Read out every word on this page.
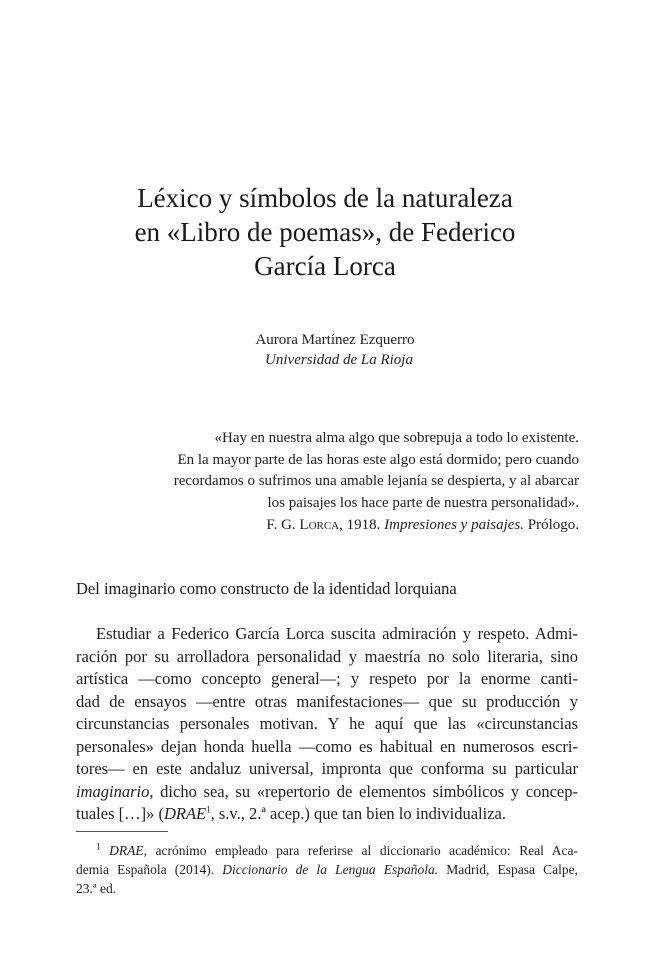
Léxico y símbolos de la naturaleza
en «Libro de poemas», de Federico
García Lorca
Aurora Martínez Ezquerro
Universidad de La Rioja
«Hay en nuestra alma algo que sobrepuja a todo lo existente.
En la mayor parte de las horas este algo está dormido; pero cuando
recordamos o sufrimos una amable lejanía se despierta, y al abarcar
los paisajes los hace parte de nuestra personalidad».
F. G. Lorca, 1918. Impresiones y paisajes. Prólogo.
Del imaginario como constructo de la identidad lorquiana
Estudiar a Federico García Lorca suscita admiración y respeto. Admi-
ración por su arrolladora personalidad y maestría no solo literaria, sino
artística —como concepto general—; y respeto por la enorme canti-
dad de ensayos —entre otras manifestaciones— que su producción y
circunstancias personales motivan. Y he aquí que las «circunstancias
personales» dejan honda huella —como es habitual en numerosos escri-
tores— en este andaluz universal, impronta que conforma su particular
imaginario, dicho sea, su «repertorio de elementos simbólicos y concep-
tuales […]» (DRAE$^1$, s.v., 2.ª acep.) que tan bien lo individualiza.
$^1$ DRAE, acrónimo empleado para referirse al diccionario académico: Real Aca-
demia Española (2014). Diccionario de la Lengua Española. Madrid, Espasa Calpe,
23.ª ed.
